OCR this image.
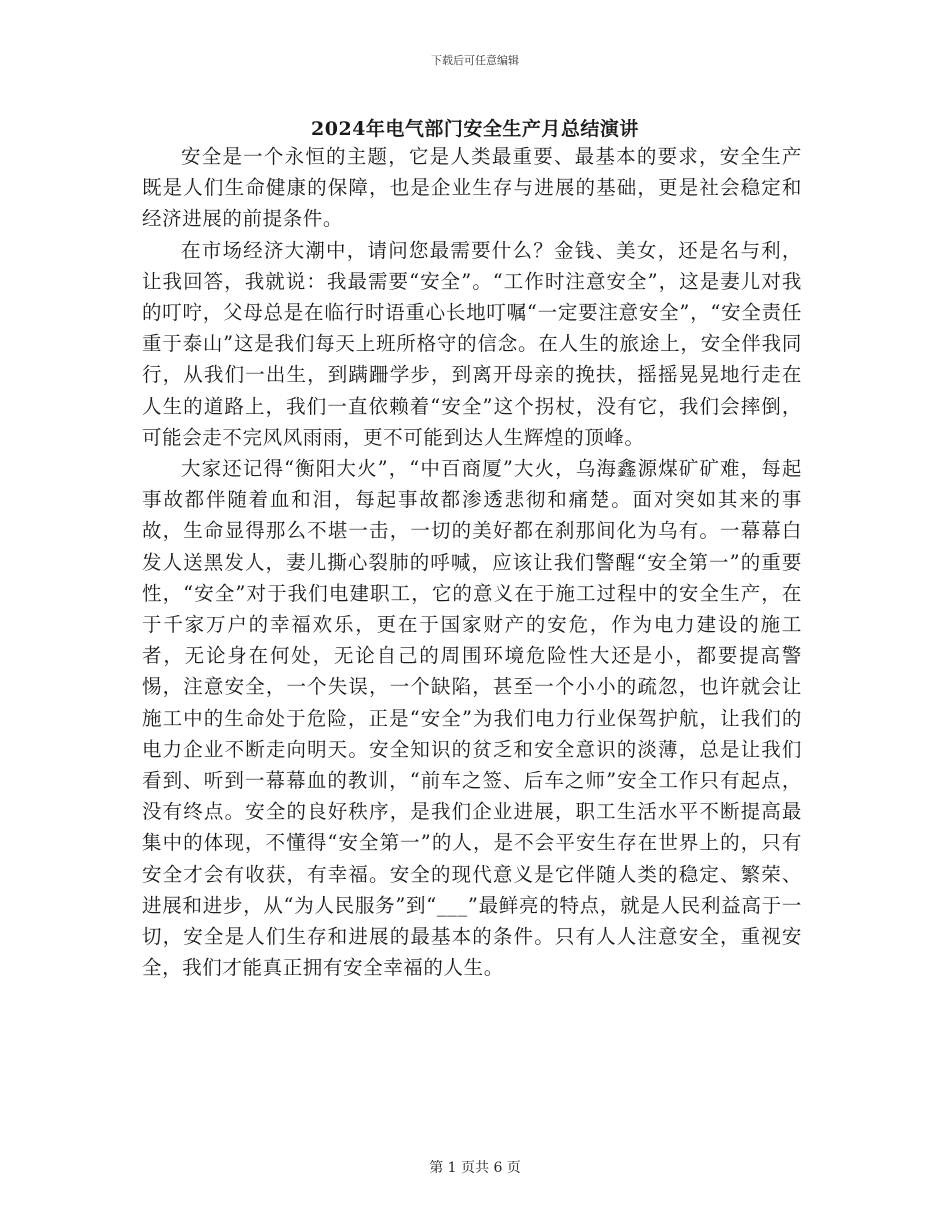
下载后可任意编辑
2024年电气部门安全生产月总结演讲

安全是一个永恒的主题，它是人类最重要、最基本的要求，安全生产既是人们生命健康的保障，也是企业生存与进展的基础，更是社会稳定和经济进展的前提条件。

在市场经济大潮中，请问您最需要什么？金钱、美女，还是名与利，让我回答，我就说：我最需要“安全”。“工作时注意安全”，这是妻儿对我的叮咛，父母总是在临行时语重心长地叮嘱“一定要注意安全”，“安全责任重于泰山”这是我们每天上班所格守的信念。在人生的旅途上，安全伴我同行，从我们一出生，到蹒跚学步，到离开母亲的挽扶，摇摇晃晃地行走在人生的道路上，我们一直依赖着“安全”这个拐杖，没有它，我们会摔倒，可能会走不完风风雨雨，更不可能到达人生辉煌的顶峰。

大家还记得“衡阳大火”，“中百商厦”大火，乌海鑫源煤矿矿难，每起事故都伴随着血和泪，每起事故都渗透悲彻和痛楚。面对突如其来的事故，生命显得那么不堪一击，一切的美好都在刹那间化为乌有。一幕幕白发人送黑发人，妻儿撕心裂肺的呼喊，应该让我们警醒“安全第一”的重要性，“安全”对于我们电建职工，它的意义在于施工过程中的安全生产，在于千家万户的幸福欢乐，更在于国家财产的安危，作为电力建设的施工者，无论身在何处，无论自己的周围环境危险性大还是小，都要提高警惕，注意安全，一个失误，一个缺陷，甚至一个小小的疏忽，也许就会让施工中的生命处于危险，正是“安全”为我们电力行业保驾护航，让我们的电力企业不断走向明天。安全知识的贫乏和安全意识的淡薄，总是让我们看到、听到一幕幕血的教训，“前车之签、后车之师”安全工作只有起点，没有终点。安全的良好秩序，是我们企业进展，职工生活水平不断提高最集中的体现，不懂得“安全第一”的人，是不会平安生存在世界上的，只有安全才会有收获，有幸福。安全的现代意义是它伴随人类的稳定、繁荣、进展和进步，从“为人民服务”到“___”最鲜亮的特点，就是人民利益高于一切，安全是人们生存和进展的最基本的条件。只有人人注意安全，重视安全，我们才能真正拥有安全幸福的人生。

第 1 页共 6 页
